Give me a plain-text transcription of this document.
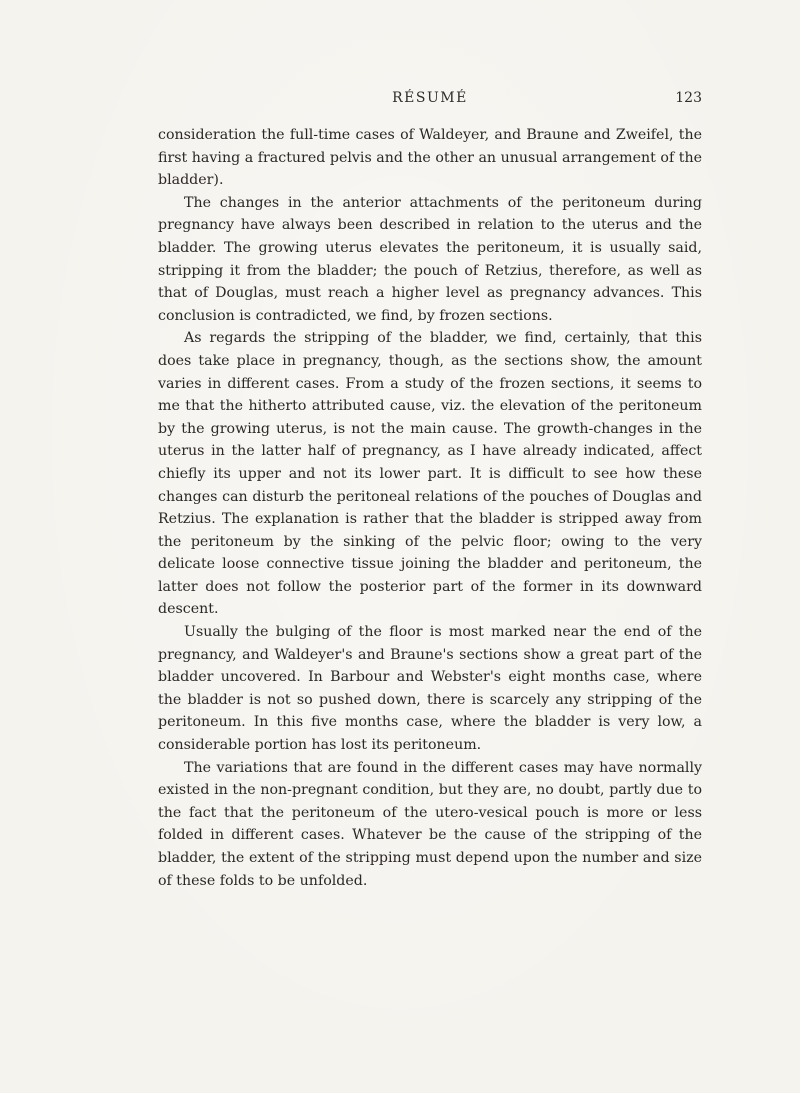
RÉSUMÉ	123

consideration the full-time cases of Waldeyer, and Braune and Zweifel, the first having a fractured pelvis and the other an unusual arrangement of the bladder).

The changes in the anterior attachments of the peritoneum during pregnancy have always been described in relation to the uterus and the bladder. The growing uterus elevates the peritoneum, it is usually said, stripping it from the bladder; the pouch of Retzius, therefore, as well as that of Douglas, must reach a higher level as pregnancy advances. This conclusion is contradicted, we find, by frozen sections.

As regards the stripping of the bladder, we find, certainly, that this does take place in pregnancy, though, as the sections show, the amount varies in different cases. From a study of the frozen sections, it seems to me that the hitherto attributed cause, viz. the elevation of the peritoneum by the growing uterus, is not the main cause. The growth-changes in the uterus in the latter half of pregnancy, as I have already indicated, affect chiefly its upper and not its lower part. It is difficult to see how these changes can disturb the peritoneal relations of the pouches of Douglas and Retzius. The explanation is rather that the bladder is stripped away from the peritoneum by the sinking of the pelvic floor; owing to the very delicate loose connective tissue joining the bladder and peritoneum, the latter does not follow the posterior part of the former in its downward descent.

Usually the bulging of the floor is most marked near the end of the pregnancy, and Waldeyer's and Braune's sections show a great part of the bladder uncovered. In Barbour and Webster's eight months case, where the bladder is not so pushed down, there is scarcely any stripping of the peritoneum. In this five months case, where the bladder is very low, a considerable portion has lost its peritoneum.

The variations that are found in the different cases may have normally existed in the non-pregnant condition, but they are, no doubt, partly due to the fact that the peritoneum of the utero-vesical pouch is more or less folded in different cases. Whatever be the cause of the stripping of the bladder, the extent of the stripping must depend upon the number and size of these folds to be unfolded.
